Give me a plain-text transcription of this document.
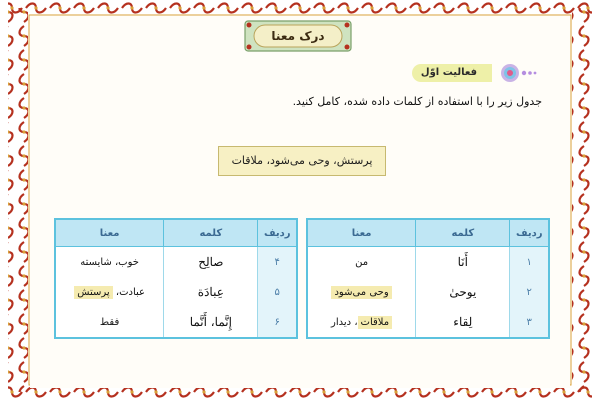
درک معنا
فعالیت اوّل
جدول زیر را با استفاده از کلمات داده شده، کامل کنید.
پرستش، وحی می‌شود، ملاقات
ردیف	کلمه	معنا
۱	أَنَا	من
۲	یوحیٰ	وحی می‌شود
۳	لِقاء	ملاقات، دیدار
ردیف	کلمه	معنا
۴	صالِح	خوب، شایسته
۵	عِبادَة	عبادت، پرستش
۶	إِنَّما، أَنَّما	فقط
